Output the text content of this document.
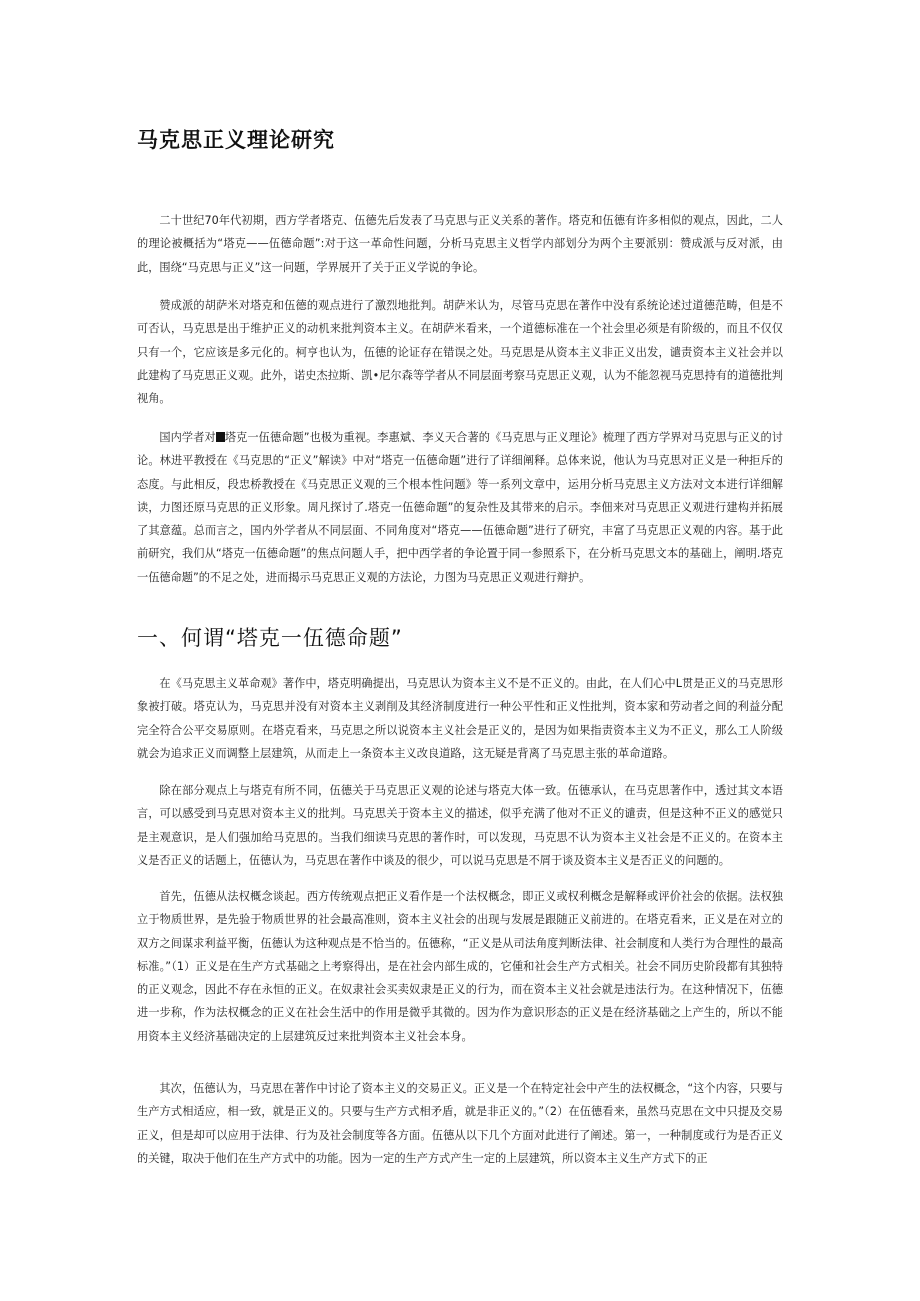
马克思正义理论研究

二十世纪70年代初期，西方学者塔克、伍德先后发表了马克思与正义关系的著作。塔克和伍德有许多相似的观点，因此，二人的理论被概括为“塔克——伍德命题”:对于这一革命性问题，分析马克思主义哲学内部划分为两个主要派别：赞成派与反对派，由此，围绕“马克思与正义”这一问题，学界展开了关于正义学说的争论。

赞成派的胡萨米对塔克和伍德的观点进行了激烈地批判。胡萨米认为，尽管马克思在著作中没有系统论述过道德范畴，但是不可否认，马克思是出于维护正义的动机来批判资本主义。在胡萨米看来，一个道德标准在一个社会里必须是有阶级的，而且不仅仅只有一个，它应该是多元化的。柯亨也认为，伍德的论证存在错误之处。马克思是从资本主义非正义出发，谴责资本主义社会并以此建构了马克思正义观。此外，诺史杰拉斯、凯•尼尔森等学者从不同层面考察马克思正义观，认为不能忽视马克思持有的道德批判视角。

国内学者对 塔克一伍德命题”也极为重视。李惠斌、李义天合著的《马克思与正义理论》梳理了西方学界对马克思与正义的讨论。林进平教授在《马克思的“正义”解读》中对“塔克一伍德命题”进行了详细阐释。总体来说，他认为马克思对正义是一种拒斥的态度。与此相反，段忠桥教授在《马克思正义观的三个根本性问题》等一系列文章中，运用分析马克思主义方法对文本进行详细解读，力图还原马克思的正义形象。周凡探讨了.塔克一伍德命题”的复杂性及其带来的启示。李佃来对马克思正义观进行建构并拓展了其意蕴。总而言之，国内外学者从不同层面、不同角度对“塔克——伍德命题”进行了研究，丰富了马克思正义观的内容。基于此前研究，我们从“塔克一伍德命题”的焦点问题人手，把中西学者的争论置于同一参照系下，在分析马克思文本的基础上，阐明.塔克一伍德命题”的不足之处，进而揭示马克思正义观的方法论，力图为马克思正义观进行辩护。

一、何谓“塔克一伍德命题”

在《马克思主义革命观》著作中，塔克明确提出，马克思认为资本主义不是不正义的。由此，在人们心中L贯是正义的马克思形象被打破。塔克认为，马克思并没有对资本主义剥削及其经济制度进行一种公平性和正义性批判，资本家和劳动者之间的利益分配完全符合公平交易原则。在塔克看来，马克思之所以说资本主义社会是正义的，是因为如果指责资本主义为不正义，那么工人阶级就会为追求正义而调整上层建筑，从而走上一条资本主义改良道路，这无疑是背离了马克思主张的革命道路。

除在部分观点上与塔克有所不同，伍德关于马克思正义观的论述与塔克大体一致。伍德承认，在马克思著作中，透过其文本语言，可以感受到马克思对资本主义的批判。马克思关于资本主义的描述，似乎充满了他对不正义的谴责，但是这种不正义的感觉只是主观意识，是人们强加给马克思的。当我们细读马克思的著作时，可以发现，马克思不认为资本主义社会是不正义的。在资本主义是否正义的话题上，伍德认为，马克思在著作中谈及的很少，可以说马克思是不屑于谈及资本主义是否正义的问题的。

首先，伍德从法权概念谈起。西方传统观点把正义看作是一个法权概念，即正义或权利概念是解释或评价社会的依据。法权独立于物质世界，是先验于物质世界的社会最高准则，资本主义社会的出现与发展是跟随正义前进的。在塔克看来，正义是在对立的双方之间谋求利益平衡，伍德认为这种观点是不恰当的。伍德称，“正义是从司法角度判断法律、社会制度和人类行为合理性的最高标准。”（1）正义是在生产方式基础之上考察得出，是在社会内部生成的，它偅和社会生产方式相关。社会不同历史阶段都有其独特的正义观念，因此不存在永恒的正义。在奴隶社会买卖奴隶是正义的行为，而在资本主义社会就是违法行为。在这种情况下，伍德进一步称，作为法权概念的正义在社会生活中的作用是微乎其微的。因为作为意识形态的正义是在经济基础之上产生的，所以不能用资本主义经济基础决定的上层建筑反过来批判资本主义社会本身。

其次，伍德认为，马克思在著作中讨论了资本主义的交易正义。正义是一个在特定社会中产生的法权概念，“这个内容，只要与生产方式相适应，相一致，就是正义的。只要与生产方式相矛盾，就是非正义的。”（2）在伍德看来，虽然马克思在文中只提及交易正义，但是却可以应用于法律、行为及社会制度等各方面。伍德从以下几个方面对此进行了阐述。第一，一种制度或行为是否正义的关键，取决于他们在生产方式中的功能。因为一定的生产方式产生一定的上层建筑，所以资本主义生产方式下的正
